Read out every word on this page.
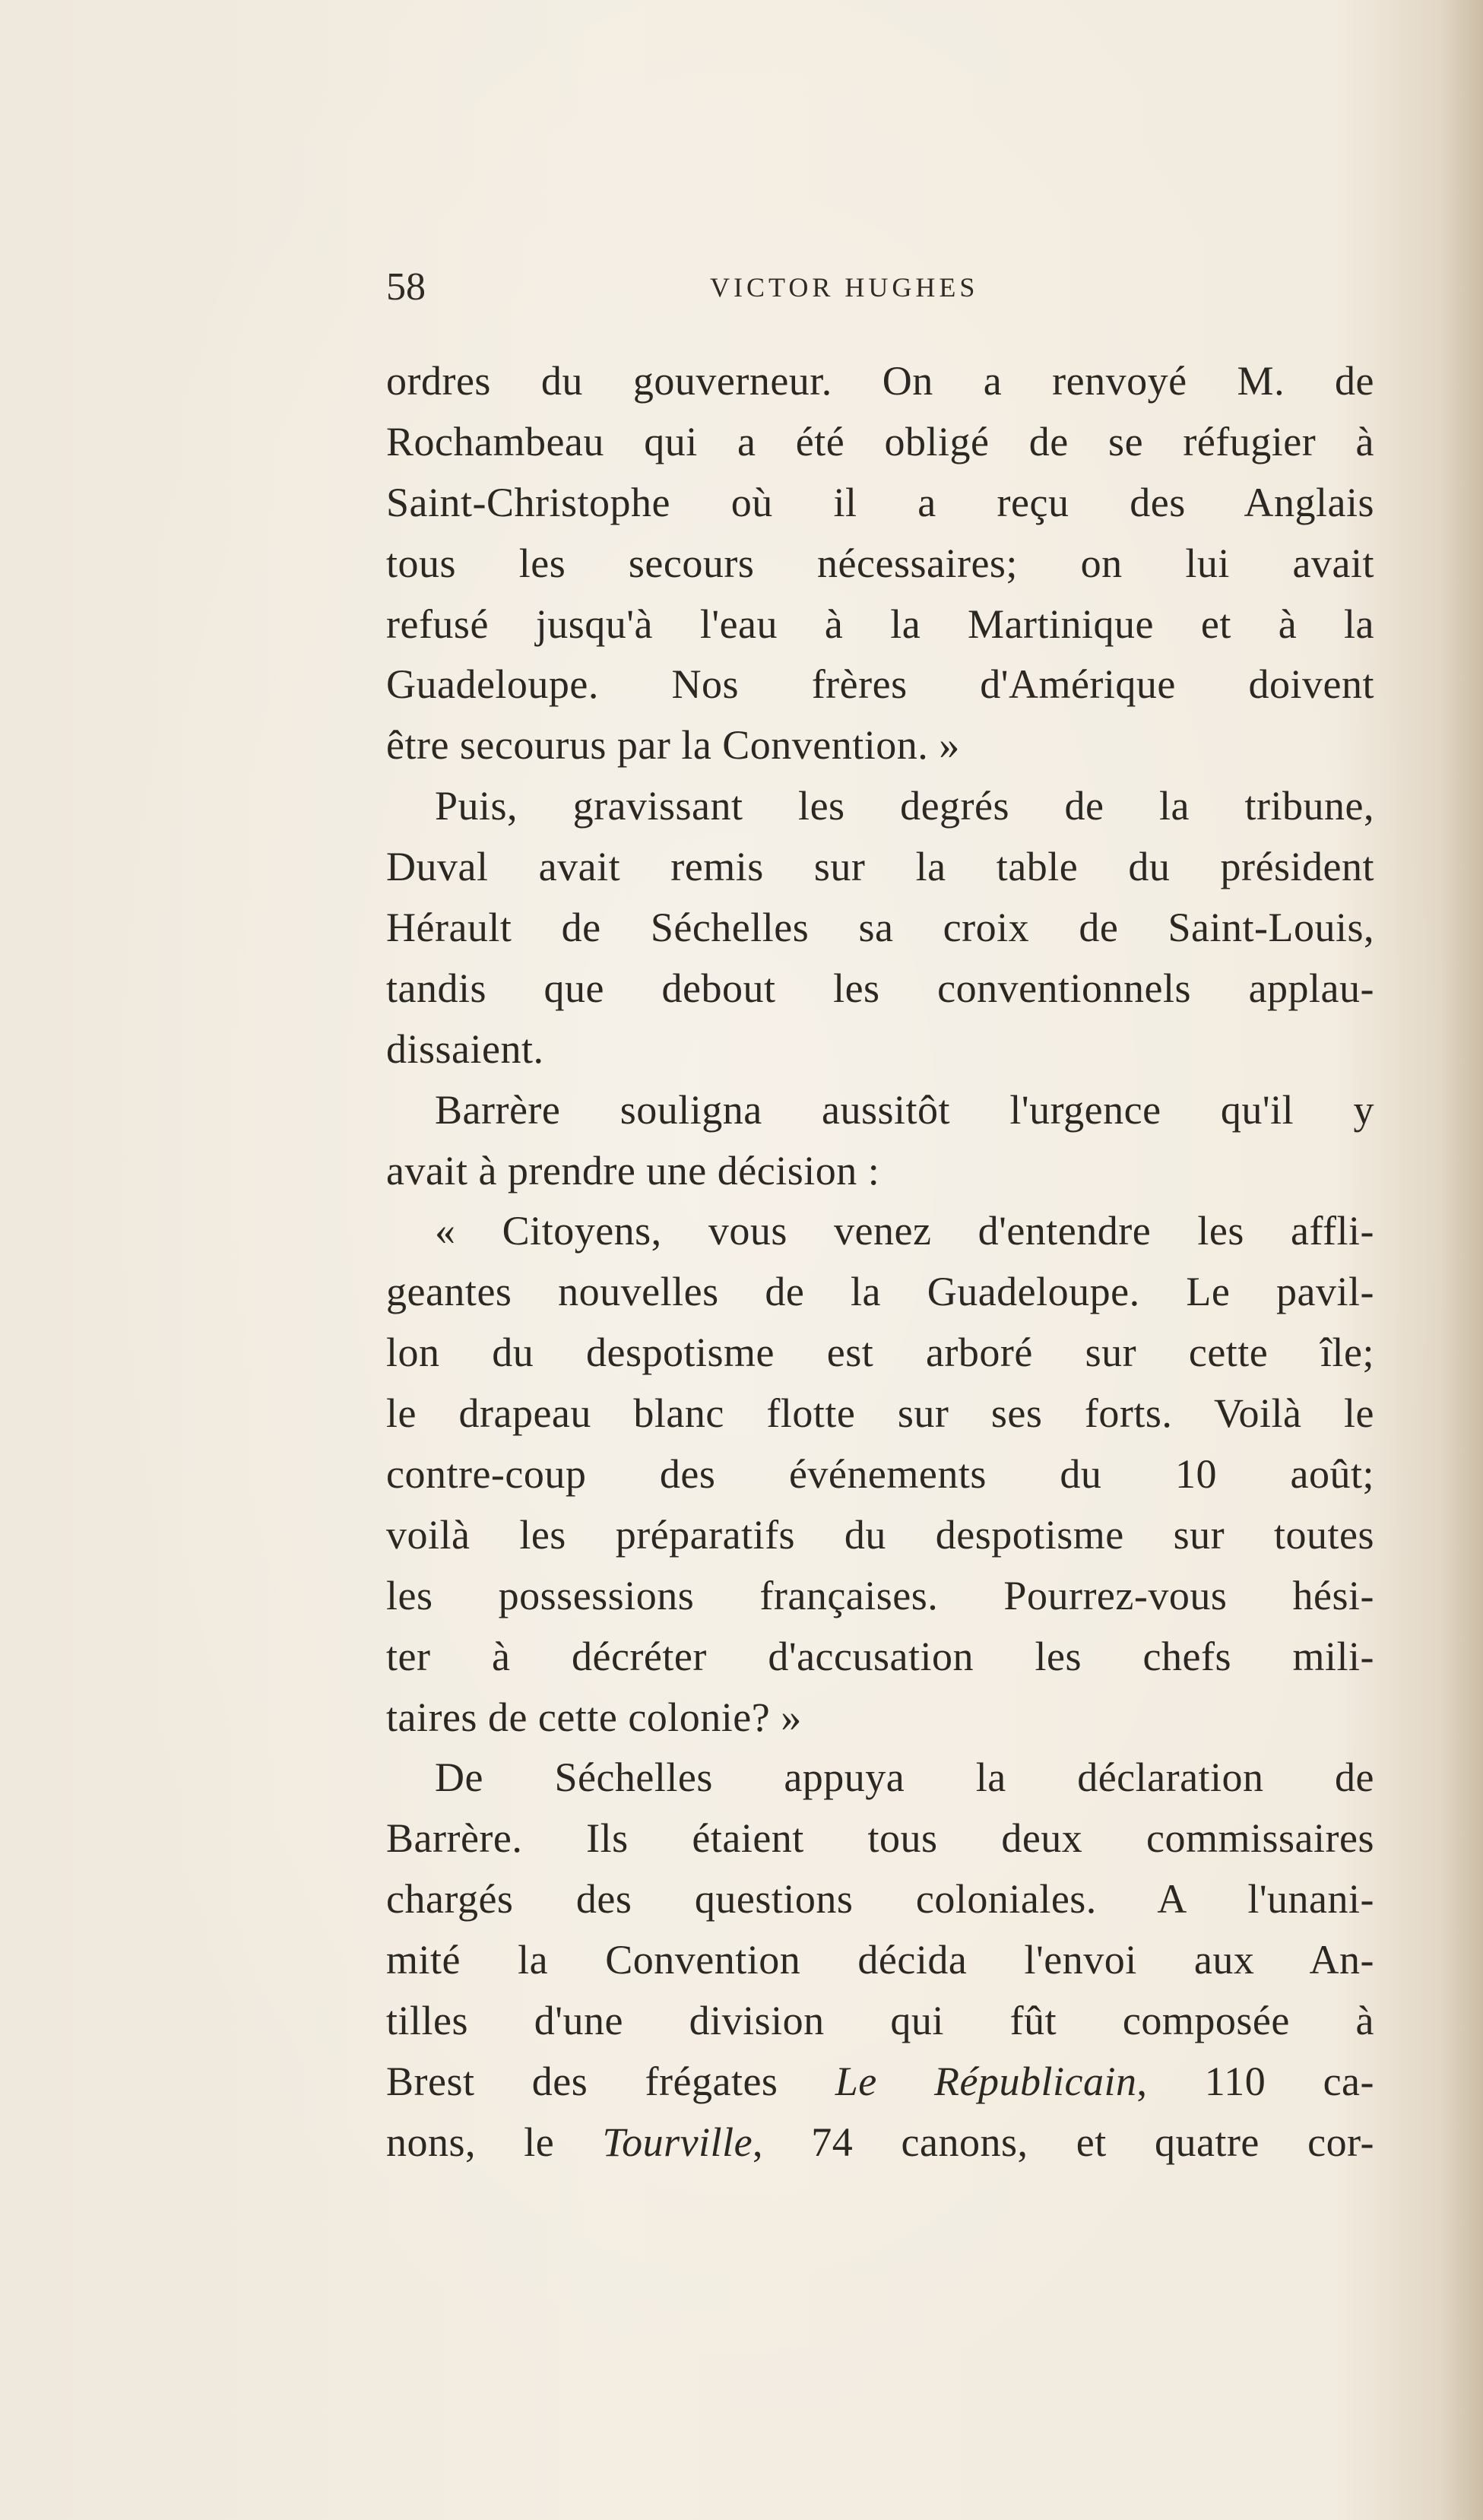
58	VICTOR HUGHES
ordres du gouverneur. On a renvoyé M. de
Rochambeau qui a été obligé de se réfugier à
Saint-Christophe où il a reçu des Anglais
tous les secours nécessaires; on lui avait
refusé jusqu'à l'eau à la Martinique et à la
Guadeloupe. Nos frères d'Amérique doivent
être secourus par la Convention. »
Puis, gravissant les degrés de la tribune,
Duval avait remis sur la table du président
Hérault de Séchelles sa croix de Saint-Louis,
tandis que debout les conventionnels applau-
dissaient.
Barrère souligna aussitôt l'urgence qu'il y
avait à prendre une décision :
« Citoyens, vous venez d'entendre les affli-
geantes nouvelles de la Guadeloupe. Le pavil-
lon du despotisme est arboré sur cette île;
le drapeau blanc flotte sur ses forts. Voilà le
contre-coup des événements du 10 août;
voilà les préparatifs du despotisme sur toutes
les possessions françaises. Pourrez-vous hési-
ter à décréter d'accusation les chefs mili-
taires de cette colonie? »
De Séchelles appuya la déclaration de
Barrère. Ils étaient tous deux commissaires
chargés des questions coloniales. A l'unani-
mité la Convention décida l'envoi aux An-
tilles d'une division qui fût composée à
Brest des frégates Le Républicain, 110 ca-
nons, le Tourville, 74 canons, et quatre cor-
